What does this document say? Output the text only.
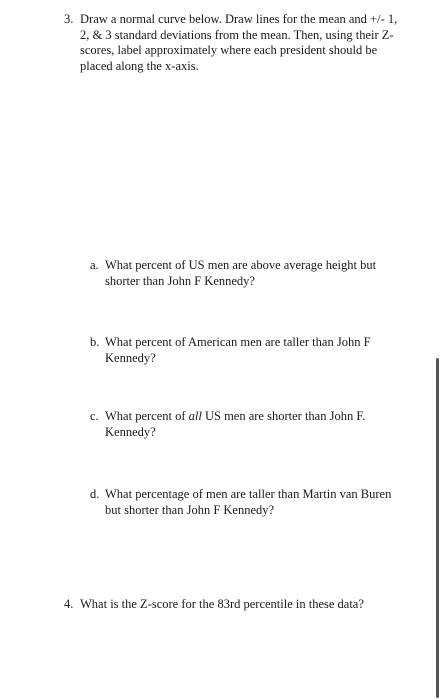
3. Draw a normal curve below. Draw lines for the mean and +/- 1, 2, & 3 standard deviations from the mean. Then, using their Z-scores, label approximately where each president should be placed along the x-axis.
a. What percent of US men are above average height but shorter than John F Kennedy?
b. What percent of American men are taller than John F Kennedy?
c. What percent of all US men are shorter than John F. Kennedy?
d. What percentage of men are taller than Martin van Buren but shorter than John F Kennedy?
4. What is the Z-score for the 83rd percentile in these data?
